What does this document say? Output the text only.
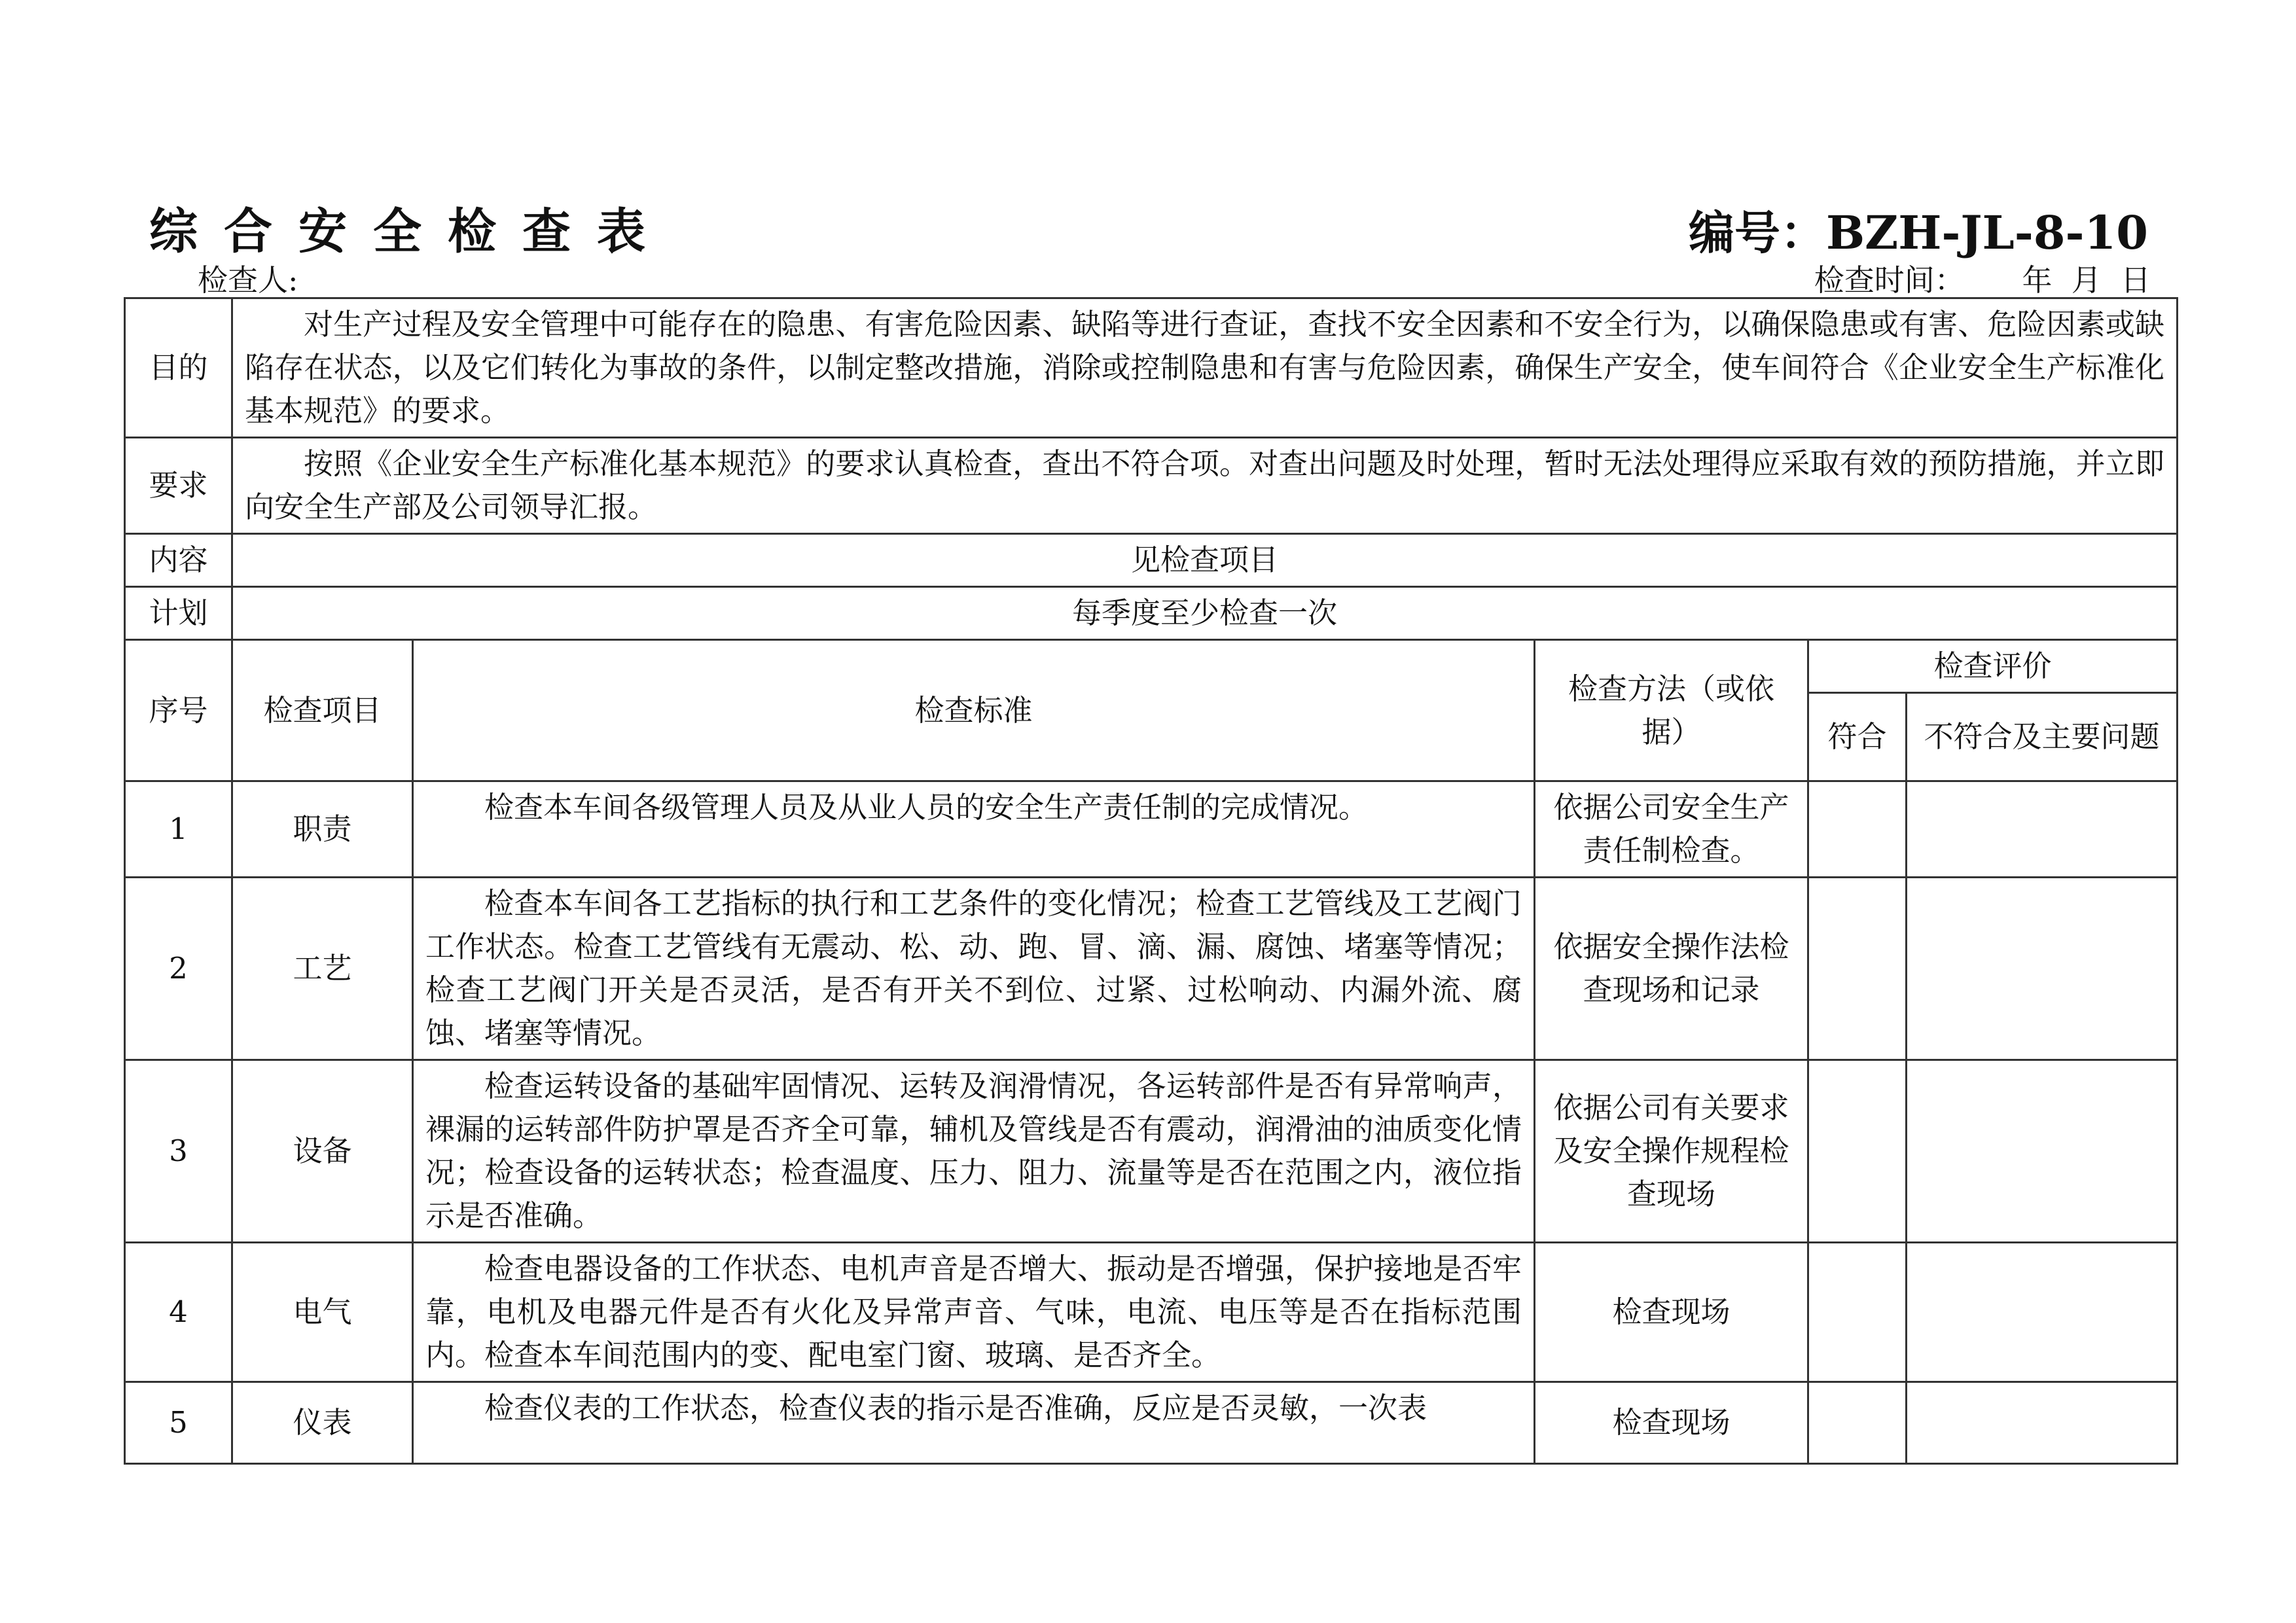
综合安全检查表	编号：BZH-JL-8-10
检查人:	检查时间： 年 月 日
目的	对生产过程及安全管理中可能存在的隐患、有害危险因素、缺陷等进行查证，查找不安全因素和不安全行为，以确保隐患或有害、危险因素或缺陷存在状态，以及它们转化为事故的条件，以制定整改措施，消除或控制隐患和有害与危险因素，确保生产安全，使车间符合《企业安全生产标准化基本规范》的要求。				
要求	按照《企业安全生产标准化基本规范》的要求认真检查，查出不符合项。对查出问题及时处理，暂时无法处理得应采取有效的预防措施，并立即向安全生产部及公司领导汇报。				
内容	见检查项目				
计划	每季度至少检查一次				
序号	检查项目	检查标准	检查方法（或依据）	检查评价	
				符合	不符合及主要问题
1	职责	检查本车间各级管理人员及从业人员的安全生产责任制的完成情况。	依据公司安全生产责任制检查。		
2	工艺	检查本车间各工艺指标的执行和工艺条件的变化情况；检查工艺管线及工艺阀门工作状态。检查工艺管线有无震动、松、动、跑、冒、滴、漏、腐蚀、堵塞等情况；检查工艺阀门开关是否灵活，是否有开关不到位、过紧、过松响动、内漏外流、腐蚀、堵塞等情况。	依据安全操作法检查现场和记录		
3	设备	检查运转设备的基础牢固情况、运转及润滑情况，各运转部件是否有异常响声，裸漏的运转部件防护罩是否齐全可靠，辅机及管线是否有震动，润滑油的油质变化情况；检查设备的运转状态；检查温度、压力、阻力、流量等是否在范围之内，液位指示是否准确。	依据公司有关要求及安全操作规程检查现场		
4	电气	检查电器设备的工作状态、电机声音是否增大、振动是否增强，保护接地是否牢靠，电机及电器元件是否有火化及异常声音、气味，电流、电压等是否在指标范围内。检查本车间范围内的变、配电室门窗、玻璃、是否齐全。	检查现场		
5	仪表	检查仪表的工作状态，检查仪表的指示是否准确，反应是否灵敏，一次表	检查现场		
